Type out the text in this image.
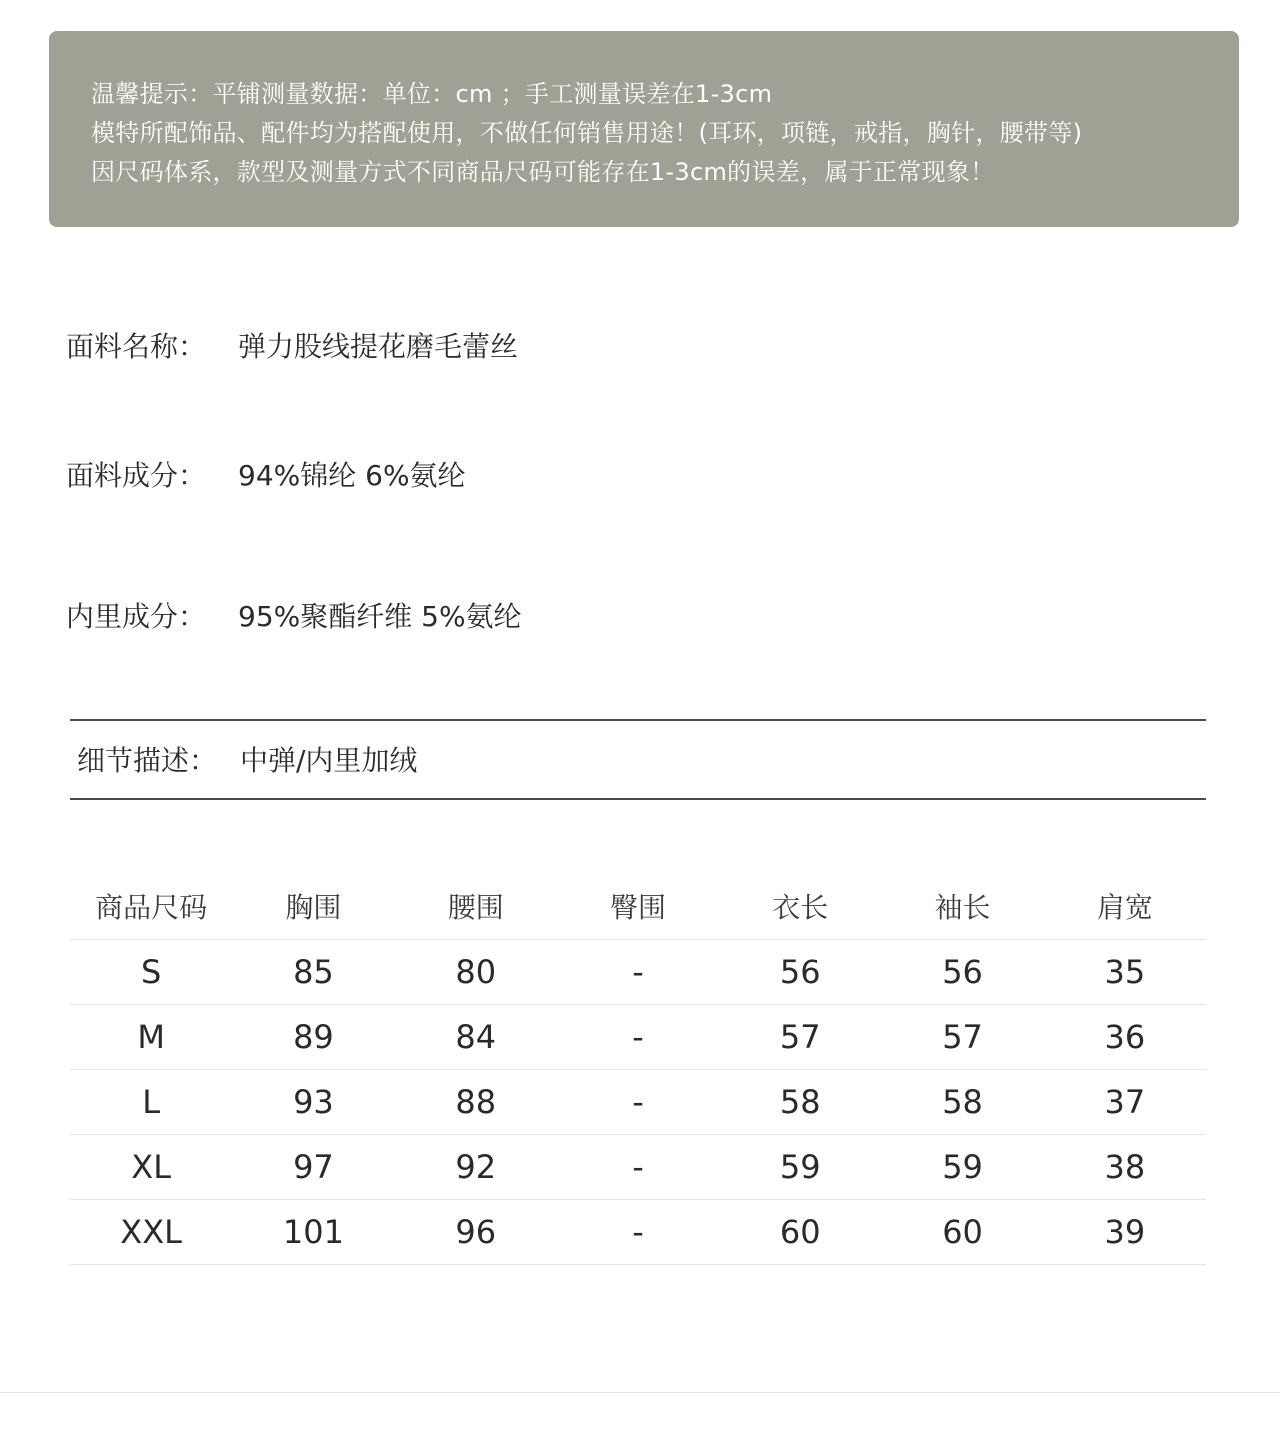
温馨提示：平铺测量数据：单位：cm ；手工测量误差在1-3cm
模特所配饰品、配件均为搭配使用，不做任何销售用途！(耳环，项链，戒指，胸针，腰带等)
因尺码体系，款型及测量方式不同商品尺码可能存在1-3cm的误差，属于正常现象！
面料名称： 弹力股线提花磨毛蕾丝
面料成分： 94%锦纶 6%氨纶
内里成分： 95%聚酯纤维 5%氨纶
细节描述： 中弹/内里加绒
商品尺码	胸围	腰围	臀围	衣长	袖长	肩宽
S	85	80	-	56	56	35
M	89	84	-	57	57	36
L	93	88	-	58	58	37
XL	97	92	-	59	59	38
XXL	101	96	-	60	60	39
